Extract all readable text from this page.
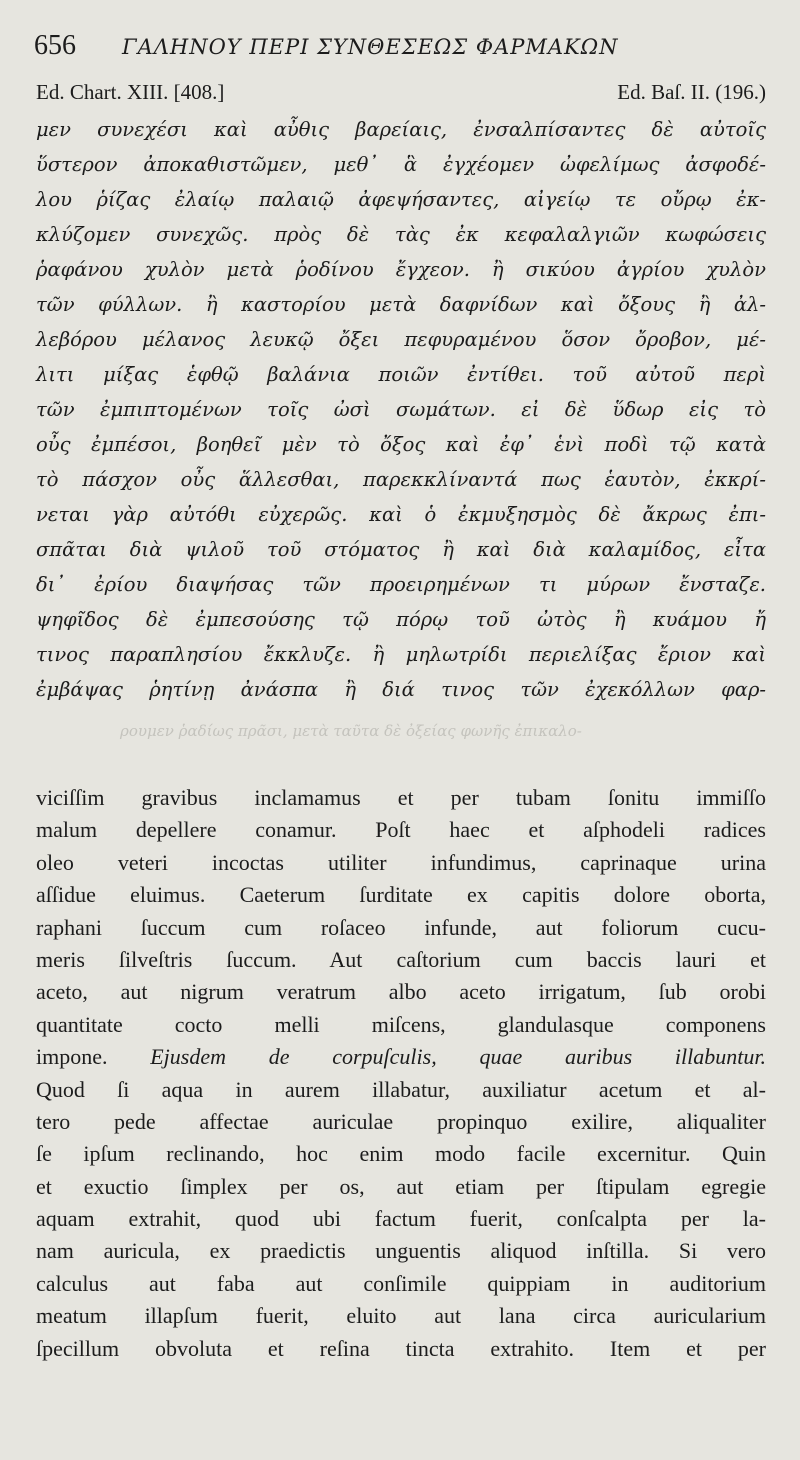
656	ΓΑΛΗΝΟΥ ΠΕΡΙ ΣΥΝΘΕΣΕΩΣ ΦΑΡΜΑΚΩΝ
Ed. Chart. XIII. [408.]	Ed. Baſ. II. (196.)
μεν συνεχέσι καὶ αὖθις βαρείαις, ἐνσαλπίσαντες δὲ αὐτοῖς
ὕστερον ἀποκαθιστῶμεν, μεθ᾽ ἃ ἐγχέομεν ὠφελίμως ἀσφοδέ-
λου ῥίζας ἐλαίῳ παλαιῷ ἀφεψήσαντες, αἰγείῳ τε οὔρῳ ἐκ-
κλύζομεν συνεχῶς. πρὸς δὲ τὰς ἐκ κεφαλαλγιῶν κωφώσεις
ῥαφάνου χυλὸν μετὰ ῥοδίνου ἔγχεον. ἢ σικύου ἀγρίου χυλὸν
τῶν φύλλων. ἢ καστορίου μετὰ δαφνίδων καὶ ὄξους ἢ ἀλ-
λεβόρου μέλανος λευκῷ ὄξει πεφυραμένου ὅσον ὄροβον, μέ-
λιτι μίξας ἑφθῷ βαλάνια ποιῶν ἐντίθει. τοῦ αὐτοῦ περὶ
τῶν ἐμπιπτομένων τοῖς ὠσὶ σωμάτων. εἰ δὲ ὕδωρ εἰς τὸ
οὖς ἐμπέσοι, βοηθεῖ μὲν τὸ ὄξος καὶ ἐφ᾽ ἑνὶ ποδὶ τῷ κατὰ
τὸ πάσχον οὖς ἅλλεσθαι, παρεκκλίναντά πως ἑαυτὸν, ἐκκρί-
νεται γὰρ αὐτόθι εὐχερῶς. καὶ ὁ ἐκμυξησμὸς δὲ ἄκρως ἐπι-
σπᾶται διὰ ψιλοῦ τοῦ στόματος ἢ καὶ διὰ καλαμίδος, εἶτα
δι᾽ ἐρίου διαψήσας τῶν προειρημένων τι μύρων ἔνσταζε.
ψηφῖδος δὲ ἐμπεσούσης τῷ πόρῳ τοῦ ὠτὸς ἢ κυάμου ἤ
τινος παραπλησίου ἔκκλυζε. ἢ μηλωτρίδι περιελίξας ἔριον καὶ
ἐμβάψας ῥητίνῃ ἀνάσπα ἢ διά τινος τῶν ἐχεκόλλων φαρ-
ρουμεν ῥαδίως πρᾶσι, μετὰ ταῦτα δὲ ὀξείας φωνῆς ἐπικαλο-
viciſſim gravibus inclamamus et per tubam ſonitu immiſſo
malum depellere conamur. Poſt haec et aſphodeli radices
oleo veteri incoctas utiliter infundimus, caprinaque urina
aſſidue eluimus. Caeterum ſurditate ex capitis dolore oborta,
raphani ſuccum cum roſaceo infunde, aut foliorum cucu-
meris ſilveſtris ſuccum. Aut caſtorium cum baccis lauri et
aceto, aut nigrum veratrum albo aceto irrigatum, ſub orobi
quantitate cocto melli miſcens, glandulasque componens
impone. Ejusdem de corpuſculis, quae auribus illabuntur.
Quod ſi aqua in aurem illabatur, auxiliatur acetum et al-
tero pede affectae auriculae propinquo exilire, aliqualiter
ſe ipſum reclinando, hoc enim modo facile excernitur. Quin
et exuctio ſimplex per os, aut etiam per ſtipulam egregie
aquam extrahit, quod ubi factum fuerit, conſcalpta per la-
nam auricula, ex praedictis unguentis aliquod inſtilla. Si vero
calculus aut faba aut conſimile quippiam in auditorium
meatum illapſum fuerit, eluito aut lana circa auricularium
ſpecillum obvoluta et reſina tincta extrahito. Item et per
